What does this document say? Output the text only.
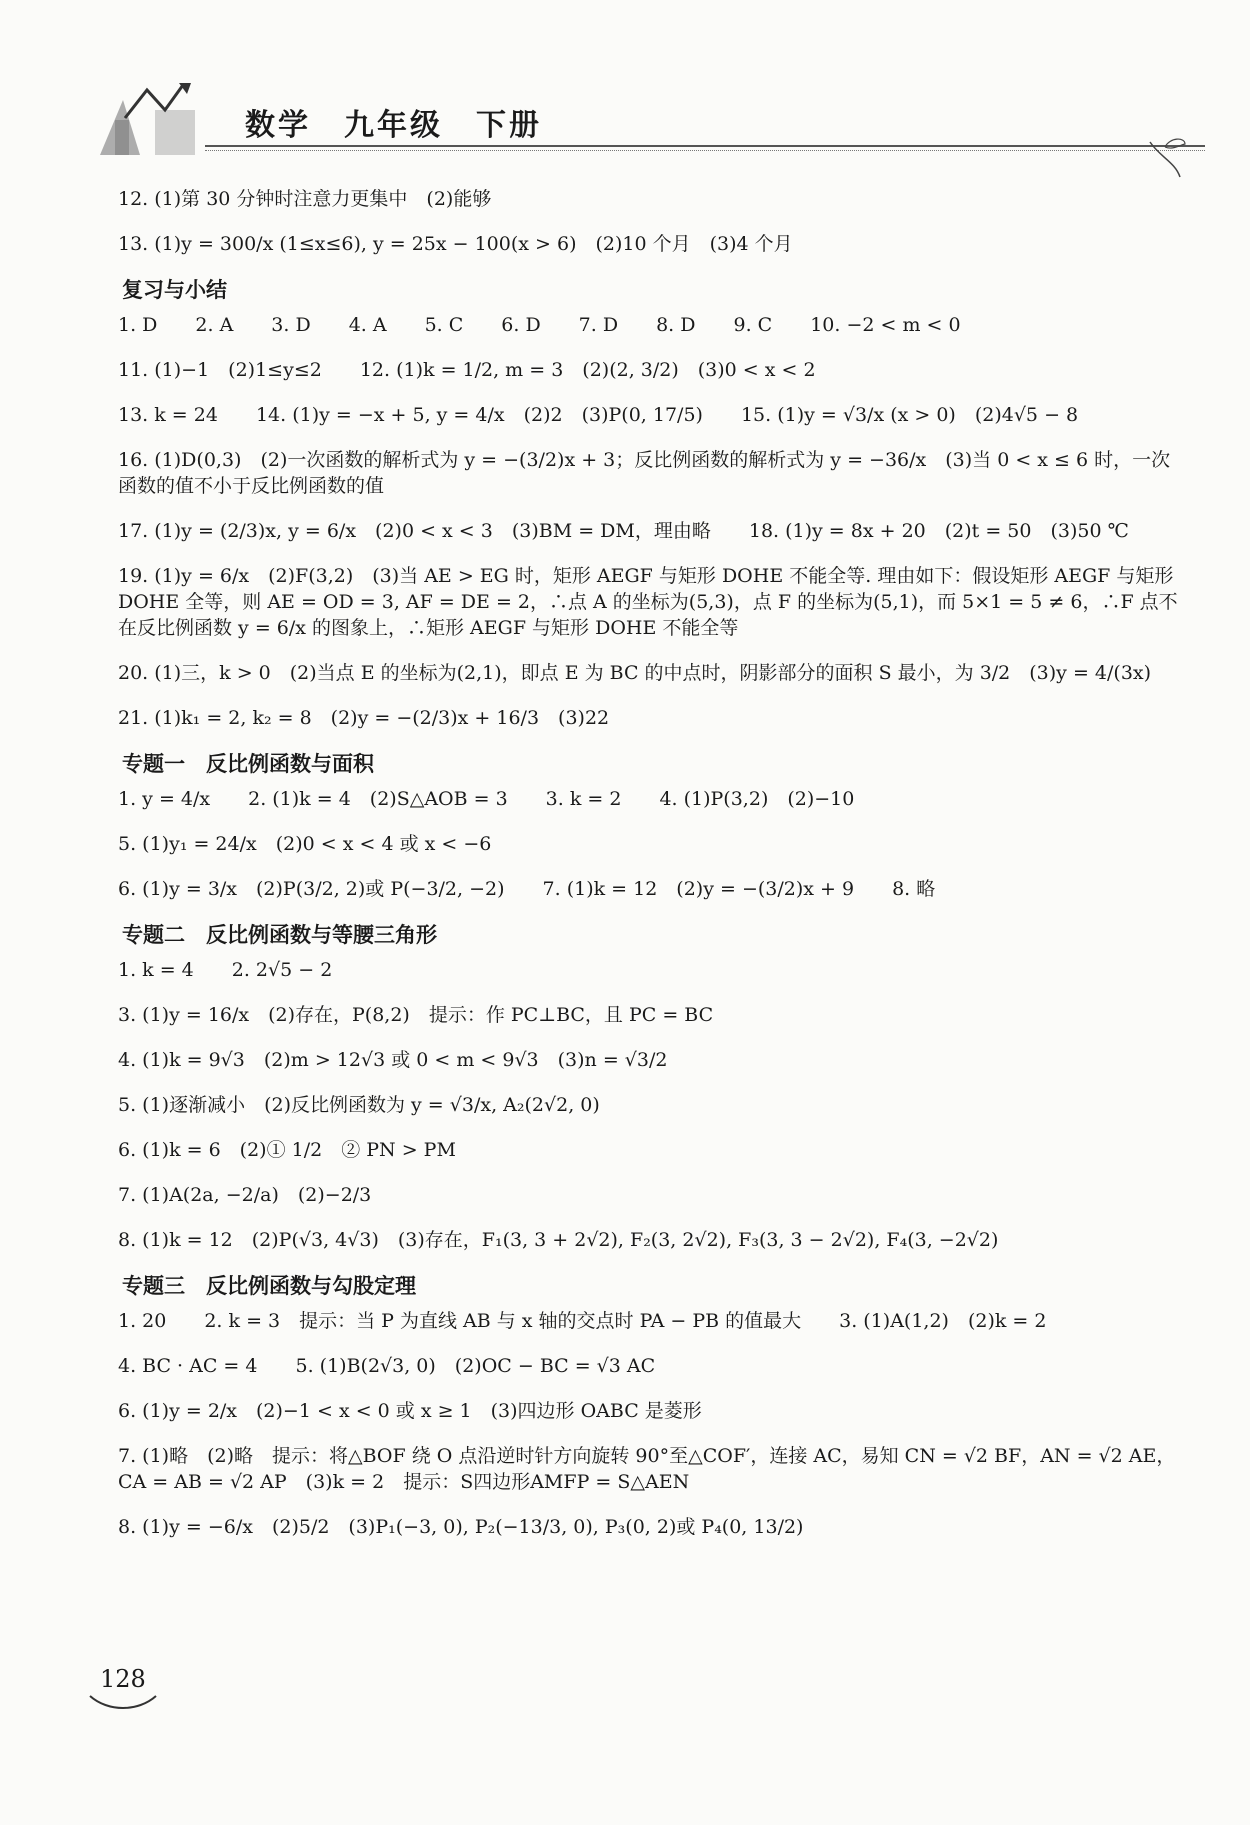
数学　九年级　下册
12. (1)第 30 分钟时注意力更集中　(2)能够
13. (1)y = 300/x (1≤x≤6), y = 25x − 100(x > 6)　(2)10 个月　(3)4 个月
复习与小结
1. D　　2. A　　3. D　　4. A　　5. C　　6. D　　7. D　　8. D　　9. C　　10. −2 < m < 0
11. (1)−1　(2)1≤y≤2　　12. (1)k = 1/2, m = 3　(2)(2, 3/2)　(3)0 < x < 2
13. k = 24　　14. (1)y = −x + 5, y = 4/x　(2)2　(3)P(0, 17/5)　　15. (1)y = √3/x (x > 0)　(2)4√5 − 8
16. (1)D(0,3)　(2)一次函数的解析式为 y = −(3/2)x + 3；反比例函数的解析式为 y = −36/x　(3)当 0 < x ≤ 6 时，一次函数的值不小于反比例函数的值
17. (1)y = (2/3)x, y = 6/x　(2)0 < x < 3　(3)BM = DM，理由略　　18. (1)y = 8x + 20　(2)t = 50　(3)50 ℃
19. (1)y = 6/x　(2)F(3,2)　(3)当 AE > EG 时，矩形 AEGF 与矩形 DOHE 不能全等. 理由如下：假设矩形 AEGF 与矩形 DOHE 全等，则 AE = OD = 3, AF = DE = 2，∴点 A 的坐标为(5,3)，点 F 的坐标为(5,1)，而 5×1 = 5 ≠ 6，∴F 点不在反比例函数 y = 6/x 的图象上，∴矩形 AEGF 与矩形 DOHE 不能全等
20. (1)三，k > 0　(2)当点 E 的坐标为(2,1)，即点 E 为 BC 的中点时，阴影部分的面积 S 最小，为 3/2　(3)y = 4/(3x)
21. (1)k₁ = 2, k₂ = 8　(2)y = −(2/3)x + 16/3　(3)22
专题一　反比例函数与面积
1. y = 4/x　　2. (1)k = 4　(2)S△AOB = 3　　3. k = 2　　4. (1)P(3,2)　(2)−10
5. (1)y₁ = 24/x　(2)0 < x < 4 或 x < −6
6. (1)y = 3/x　(2)P(3/2, 2)或 P(−3/2, −2)　　7. (1)k = 12　(2)y = −(3/2)x + 9　　8. 略
专题二　反比例函数与等腰三角形
1. k = 4　　2. 2√5 − 2
3. (1)y = 16/x　(2)存在，P(8,2)　提示：作 PC⊥BC，且 PC = BC
4. (1)k = 9√3　(2)m > 12√3 或 0 < m < 9√3　(3)n = √3/2
5. (1)逐渐减小　(2)反比例函数为 y = √3/x, A₂(2√2, 0)
6. (1)k = 6　(2)① 1/2　② PN > PM
7. (1)A(2a, −2/a)　(2)−2/3
8. (1)k = 12　(2)P(√3, 4√3)　(3)存在，F₁(3, 3 + 2√2), F₂(3, 2√2), F₃(3, 3 − 2√2), F₄(3, −2√2)
专题三　反比例函数与勾股定理
1. 20　　2. k = 3　提示：当 P 为直线 AB 与 x 轴的交点时 PA − PB 的值最大　　3. (1)A(1,2)　(2)k = 2
4. BC · AC = 4　　5. (1)B(2√3, 0)　(2)OC − BC = √3 AC
6. (1)y = 2/x　(2)−1 < x < 0 或 x ≥ 1　(3)四边形 OABC 是菱形
7. (1)略　(2)略　提示：将△BOF 绕 O 点沿逆时针方向旋转 90°至△COF′，连接 AC，易知 CN = √2 BF，AN = √2 AE，CA = AB = √2 AP　(3)k = 2　提示：S四边形AMFP = S△AEN
8. (1)y = −6/x　(2)5/2　(3)P₁(−3, 0), P₂(−13/3, 0), P₃(0, 2)或 P₄(0, 13/2)
128
